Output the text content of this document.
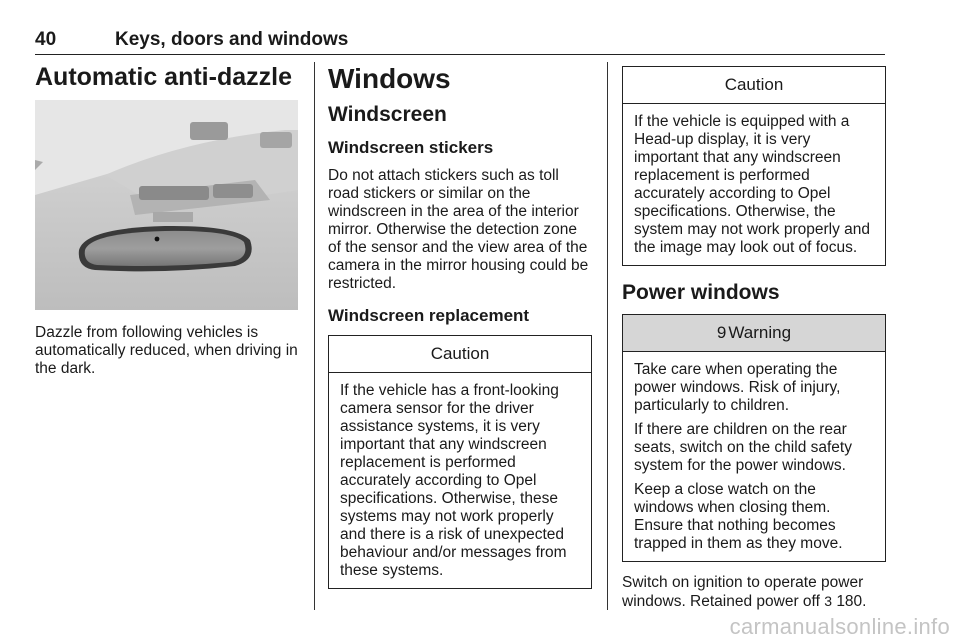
40	Keys, doors and windows
Automatic anti-dazzle

Dazzle from following vehicles is automatically reduced, when driving in the dark.

Windows
Windscreen
Windscreen stickers

Do not attach stickers such as toll road stickers or similar on the windscreen in the area of the interior mirror. Otherwise the detection zone of the sensor and the view area of the camera in the mirror housing could be restricted.

Windscreen replacement
Caution

If the vehicle has a front-looking camera sensor for the driver assistance systems, it is very important that any windscreen replacement is performed accurately according to Opel specifications. Otherwise, these systems may not work properly and there is a risk of unexpected behaviour and/or messages from these systems.

Caution

If the vehicle is equipped with a Head-up display, it is very important that any windscreen replacement is performed accurately according to Opel specifications. Otherwise, the system may not work properly and the image may look out of focus.

Power windows
9 Warning

Take care when operating the power windows. Risk of injury, particularly to children.

If there are children on the rear seats, switch on the child safety system for the power windows.

Keep a close watch on the windows when closing them. Ensure that nothing becomes trapped in them as they move.

Switch on ignition to operate power windows. Retained power off 3 180.

carmanualsonline.info
